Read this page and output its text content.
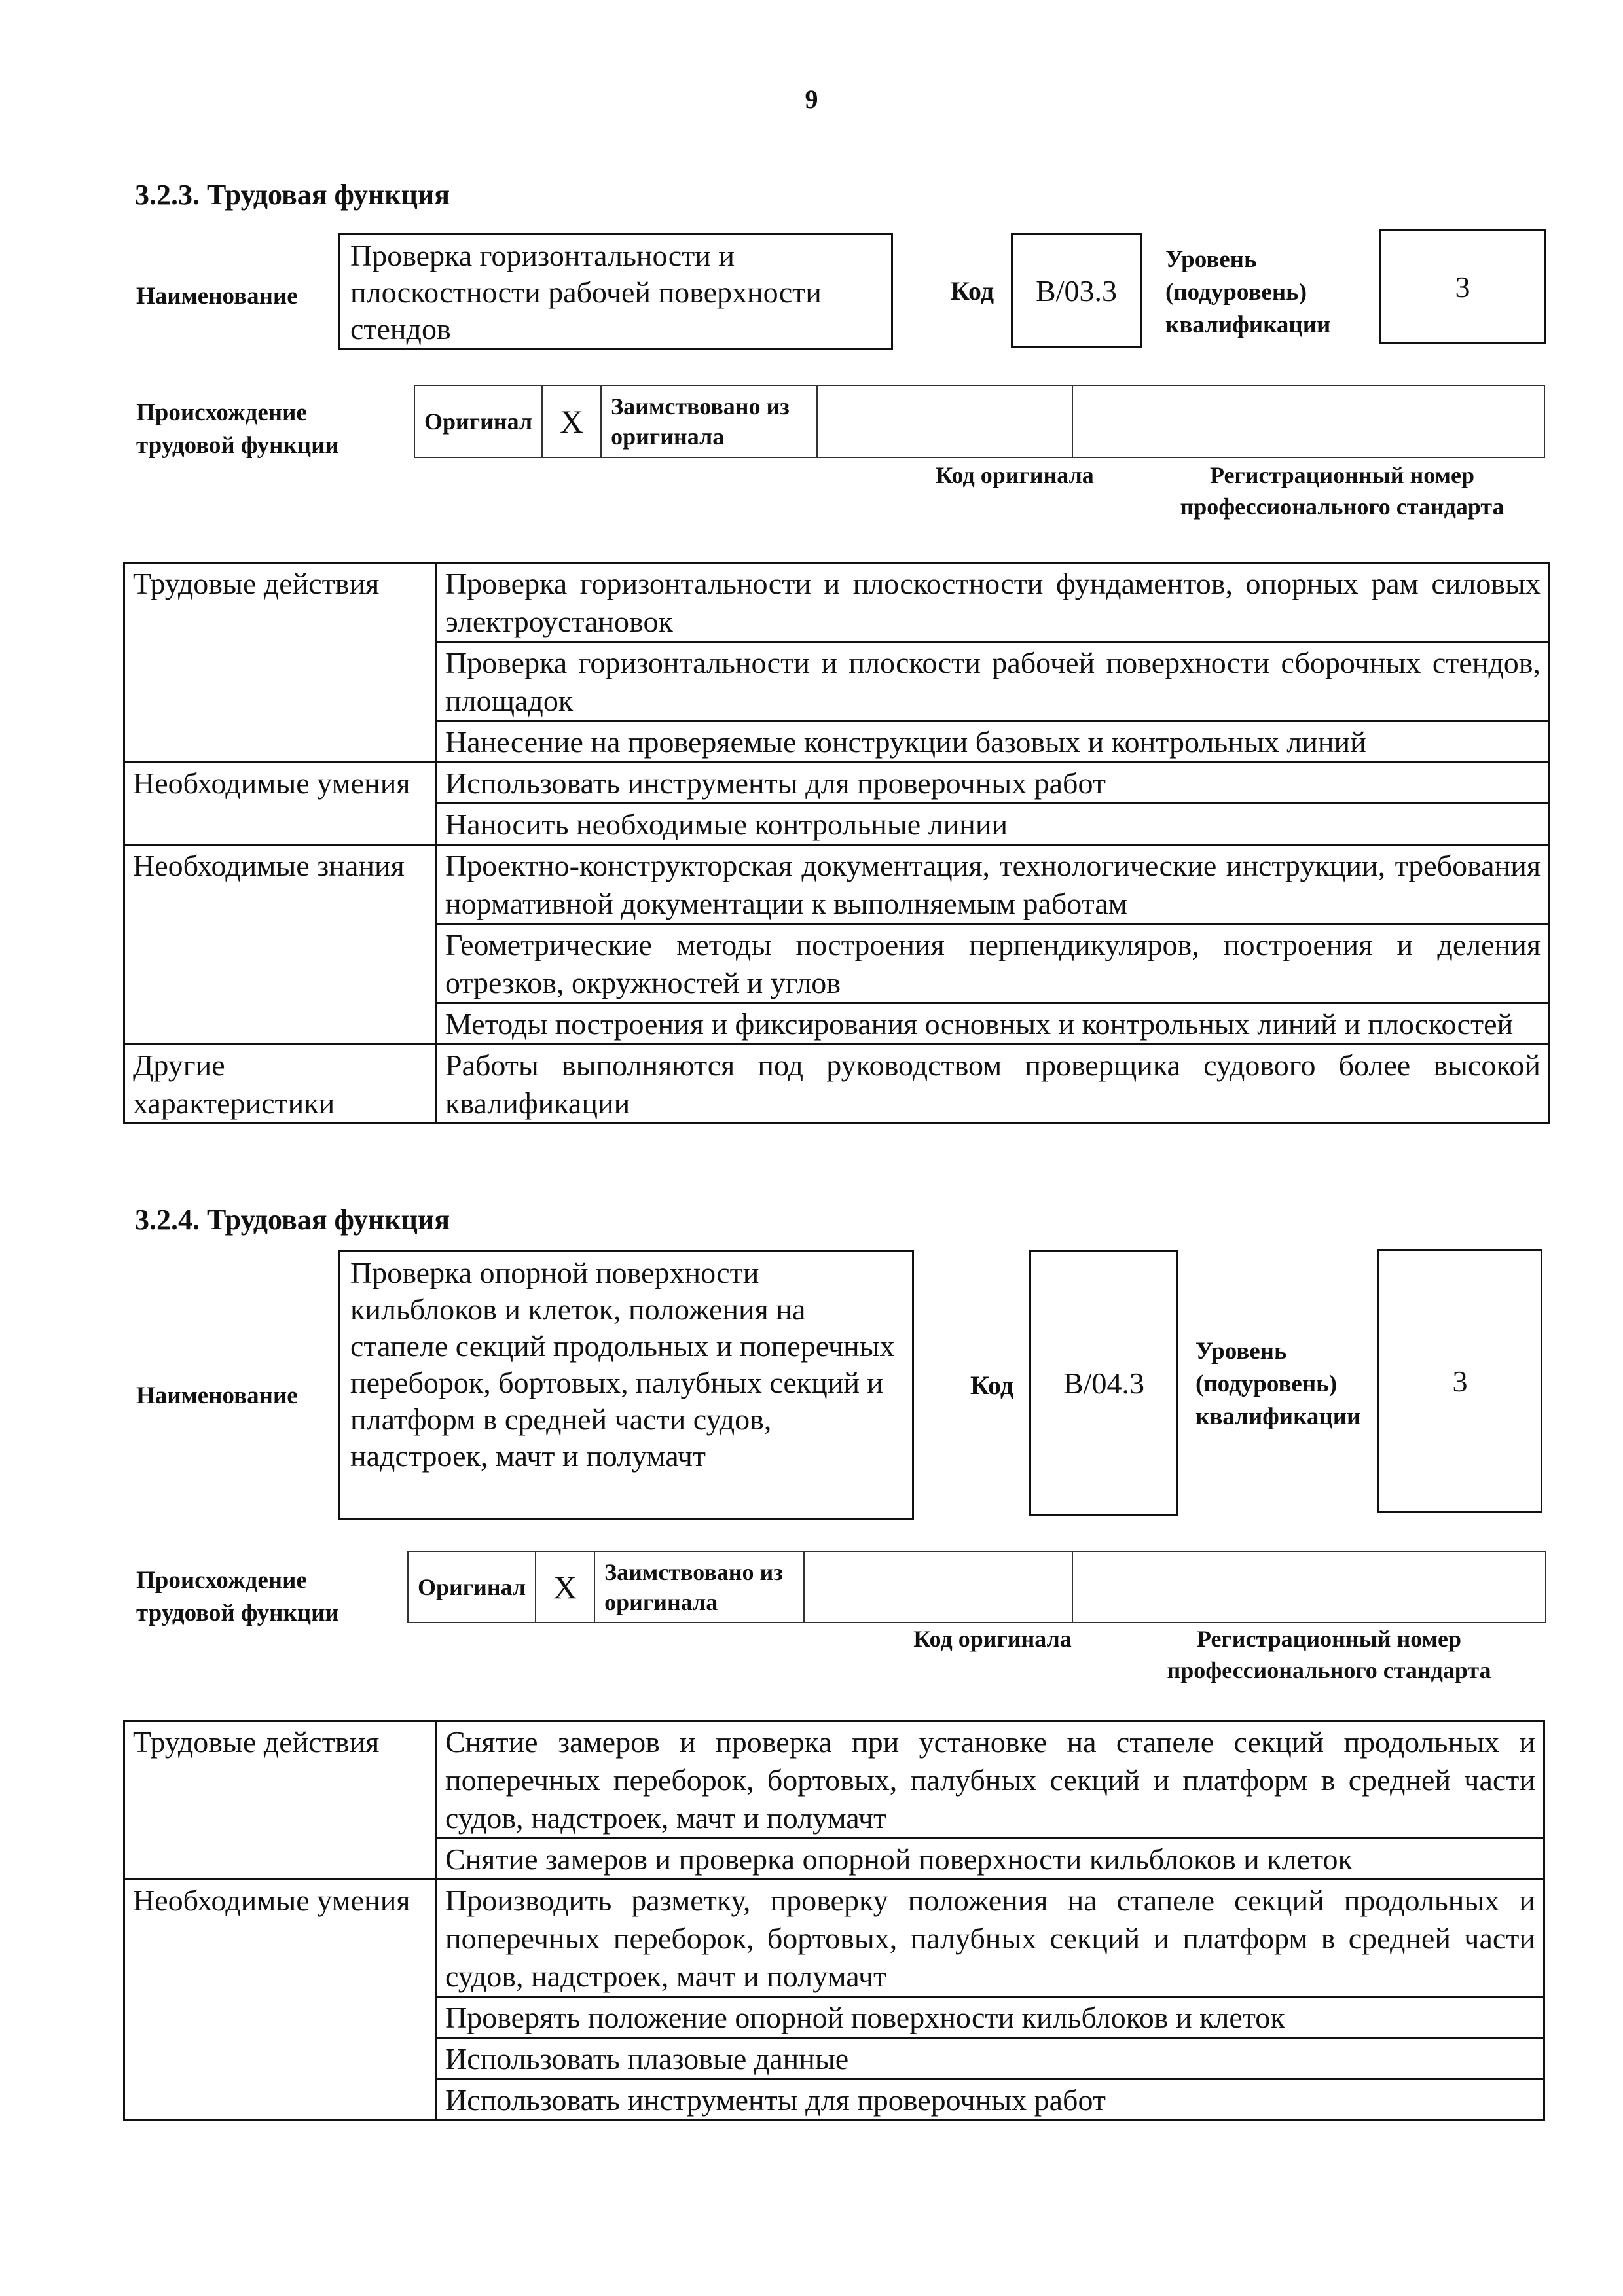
9
3.2.3. Трудовая функция
Наименование
Проверка горизонтальности и плоскостности рабочей поверхности стендов
Код B/03.3
Уровень (подуровень) квалификации
3
Происхождение трудовой функции
Оригинал	X	Заимствовано из оригинала		
Код оригинала	Регистрационный номер профессионального стандарта
Трудовые действия	Проверка горизонтальности и плоскостности фундаментов, опорных рам силовых электроустановок
	Проверка горизонтальности и плоскости рабочей поверхности сборочных стендов, площадок
	Нанесение на проверяемые конструкции базовых и контрольных линий
Необходимые умения	Использовать инструменты для проверочных работ
	Наносить необходимые контрольные линии
Необходимые знания	Проектно-конструкторская документация, технологические инструкции, требования нормативной документации к выполняемым работам
	Геометрические методы построения перпендикуляров, построения и деления отрезков, окружностей и углов
	Методы построения и фиксирования основных и контрольных линий и плоскостей
Другие характеристики	Работы выполняются под руководством проверщика судового более высокой квалификации
3.2.4. Трудовая функция
Наименование
Проверка опорной поверхности кильблоков и клеток, положения на стапеле секций продольных и поперечных переборок, бортовых, палубных секций и платформ в средней части судов, надстроек, мачт и полумачт
Код B/04.3
Уровень (подуровень) квалификации
3
Происхождение трудовой функции
Оригинал	X	Заимствовано из оригинала		
Код оригинала	Регистрационный номер профессионального стандарта
Трудовые действия	Снятие замеров и проверка при установке на стапеле секций продольных и поперечных переборок, бортовых, палубных секций и платформ в средней части судов, надстроек, мачт и полумачт
	Снятие замеров и проверка опорной поверхности кильблоков и клеток
Необходимые умения	Производить разметку, проверку положения на стапеле секций продольных и поперечных переборок, бортовых, палубных секций и платформ в средней части судов, надстроек, мачт и полумачт
	Проверять положение опорной поверхности кильблоков и клеток
	Использовать плазовые данные
	Использовать инструменты для проверочных работ
